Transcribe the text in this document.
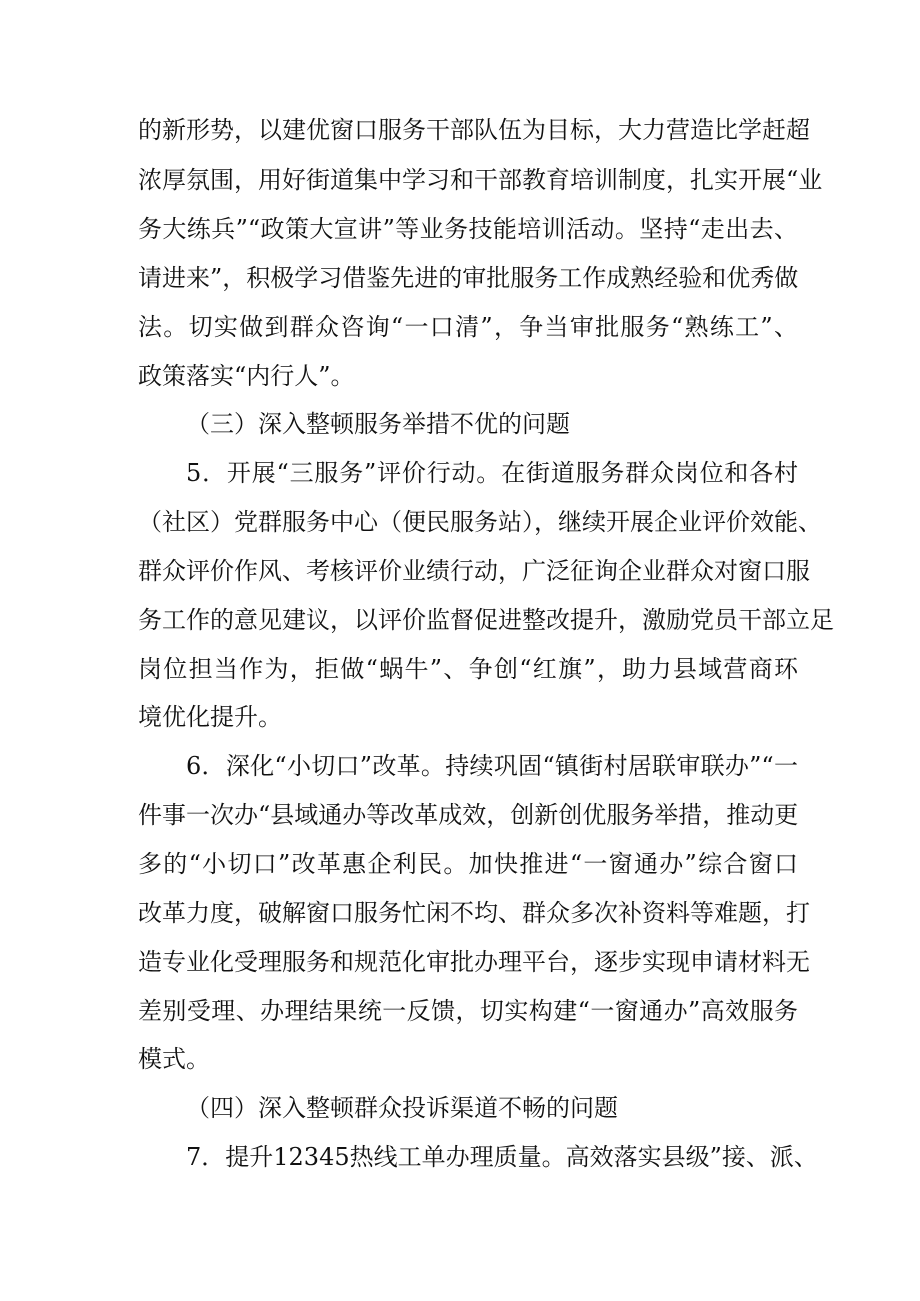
的新形势，以建优窗口服务干部队伍为目标，大力营造比学赶超
浓厚氛围，用好街道集中学习和干部教育培训制度，扎实开展“业
务大练兵”“政策大宣讲”等业务技能培训活动。坚持“走出去、
请进来”，积极学习借鉴先进的审批服务工作成熟经验和优秀做
法。切实做到群众咨询“一口清”，争当审批服务“熟练工”、
政策落实“内行人”。
（三）深入整顿服务举措不优的问题
5．开展“三服务”评价行动。在街道服务群众岗位和各村
（社区）党群服务中心（便民服务站），继续开展企业评价效能、
群众评价作风、考核评价业绩行动，广泛征询企业群众对窗口服
务工作的意见建议，以评价监督促进整改提升，激励党员干部立足
岗位担当作为，拒做“蜗牛”、争创“红旗”，助力县域营商环
境优化提升。
6．深化“小切口”改革。持续巩固“镇街村居联审联办”“一
件事一次办“县域通办等改革成效，创新创优服务举措，推动更
多的“小切口”改革惠企利民。加快推进“一窗通办”综合窗口
改革力度，破解窗口服务忙闲不均、群众多次补资料等难题，打
造专业化受理服务和规范化审批办理平台，逐步实现申请材料无
差别受理、办理结果统一反馈，切实构建“一窗通办”高效服务
模式。
（四）深入整顿群众投诉渠道不畅的问题
7．提升12345热线工单办理质量。高效落实县级”接、派、
